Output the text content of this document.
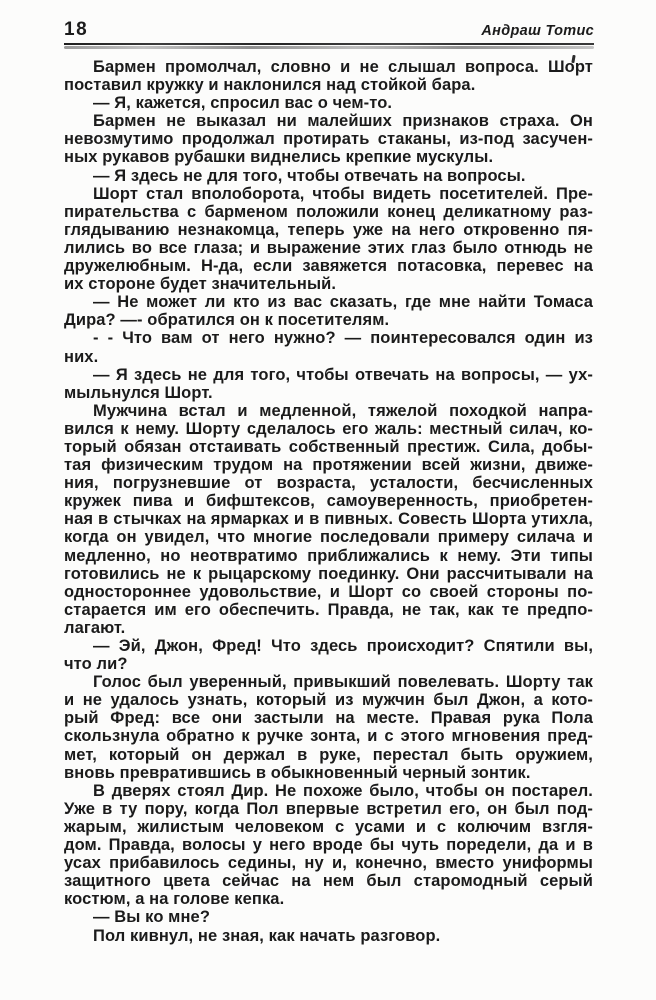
18	Андраш Тотис
Бармен промолчал, словно и не слышал вопроса. Шорт
поставил кружку и наклонился над стойкой бара.
— Я, кажется, спросил вас о чем-то.
Бармен не выказал ни малейших признаков страха. Он
невозмутимо продолжал протирать стаканы, из-под засучен-
ных рукавов рубашки виднелись крепкие мускулы.
— Я здесь не для того, чтобы отвечать на вопросы.
Шорт стал вполоборота, чтобы видеть посетителей. Пре-
пирательства с барменом положили конец деликатному раз-
глядыванию незнакомца, теперь уже на него откровенно пя-
лились во все глаза; и выражение этих глаз было отнюдь не
дружелюбным. Н-да, если завяжется потасовка, перевес на
их стороне будет значительный.
— Не может ли кто из вас сказать, где мне найти Томаса
Дира? —- обратился он к посетителям.
- - Что вам от него нужно? — поинтересовался один из
них.
— Я здесь не для того, чтобы отвечать на вопросы, — ух-
мыльнулся Шорт.
Мужчина встал и медленной, тяжелой походкой напра-
вился к нему. Шорту сделалось его жаль: местный силач, ко-
торый обязан отстаивать собственный престиж. Сила, добы-
тая физическим трудом на протяжении всей жизни, движе-
ния, погрузневшие от возраста, усталости, бесчисленных
кружек пива и бифштексов, самоуверенность, приобретен-
ная в стычках на ярмарках и в пивных. Совесть Шорта утихла,
когда он увидел, что многие последовали примеру силача и
медленно, но неотвратимо приближались к нему. Эти типы
готовились не к рыцарскому поединку. Они рассчитывали на
одностороннее удовольствие, и Шорт со своей стороны по-
старается им его обеспечить. Правда, не так, как те предпо-
лагают.
— Эй, Джон, Фред! Что здесь происходит? Спятили вы,
что ли?
Голос был уверенный, привыкший повелевать. Шорту так
и не удалось узнать, который из мужчин был Джон, а кото-
рый Фред: все они застыли на месте. Правая рука Пола
скользнула обратно к ручке зонта, и с этого мгновения пред-
мет, который он держал в руке, перестал быть оружием,
вновь превратившись в обыкновенный черный зонтик.
В дверях стоял Дир. Не похоже было, чтобы он постарел.
Уже в ту пору, когда Пол впервые встретил его, он был под-
жарым, жилистым человеком с усами и с колючим взгля-
дом. Правда, волосы у него вроде бы чуть поредели, да и в
усах прибавилось седины, ну и, конечно, вместо униформы
защитного цвета сейчас на нем был старомодный серый
костюм, а на голове кепка.
— Вы ко мне?
Пол кивнул, не зная, как начать разговор.
